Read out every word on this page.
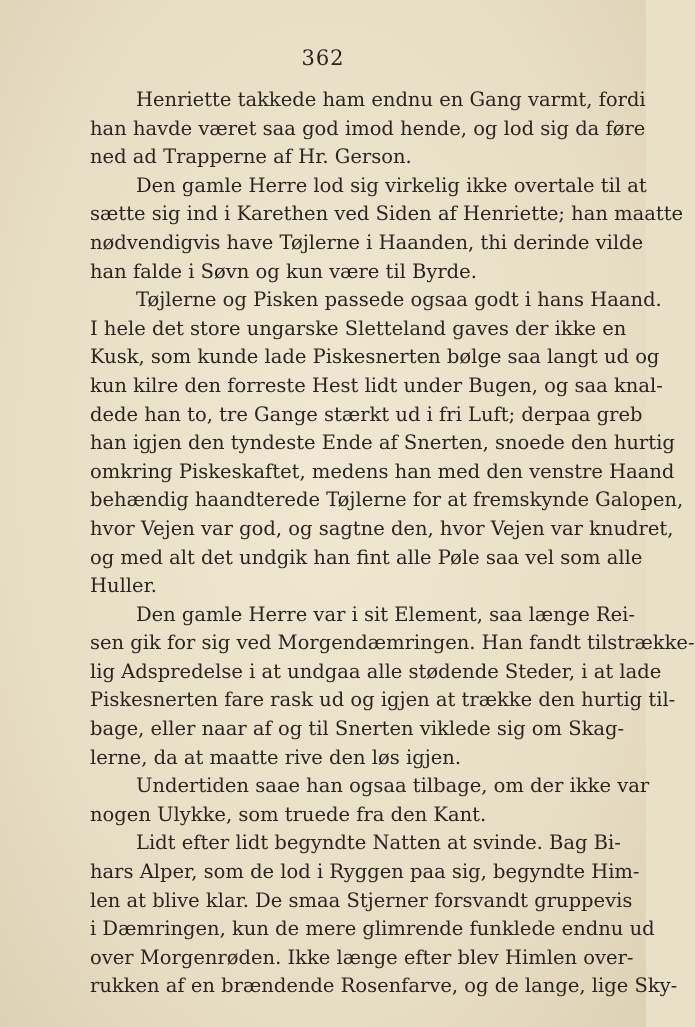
362
Henriette takkede ham endnu en Gang varmt, fordi
han havde været saa god imod hende, og lod sig da føre
ned ad Trapperne af Hr. Gerson.
Den gamle Herre lod sig virkelig ikke overtale til at
sætte sig ind i Karethen ved Siden af Henriette; han maatte
nødvendigvis have Tøjlerne i Haanden, thi derinde vilde
han falde i Søvn og kun være til Byrde.
Tøjlerne og Pisken passede ogsaa godt i hans Haand.
I hele det store ungarske Sletteland gaves der ikke en
Kusk, som kunde lade Piskesnerten bølge saa langt ud og
kun kilre den forreste Hest lidt under Bugen, og saa knal-
dede han to, tre Gange stærkt ud i fri Luft; derpaa greb
han igjen den tyndeste Ende af Snerten, snoede den hurtig
omkring Piskeskaftet, medens han med den venstre Haand
behændig haandterede Tøjlerne for at fremskynde Galopen,
hvor Vejen var god, og sagtne den, hvor Vejen var knudret,
og med alt det undgik han fint alle Pøle saa vel som alle
Huller.
Den gamle Herre var i sit Element, saa længe Rei-
sen gik for sig ved Morgendæmringen. Han fandt tilstrække-
lig Adspredelse i at undgaa alle stødende Steder, i at lade
Piskesnerten fare rask ud og igjen at trække den hurtig til-
bage, eller naar af og til Snerten viklede sig om Skag-
lerne, da at maatte rive den løs igjen.
Undertiden saae han ogsaa tilbage, om der ikke var
nogen Ulykke, som truede fra den Kant.
Lidt efter lidt begyndte Natten at svinde. Bag Bi-
hars Alper, som de lod i Ryggen paa sig, begyndte Him-
len at blive klar. De smaa Stjerner forsvandt gruppevis
i Dæmringen, kun de mere glimrende funklede endnu ud
over Morgenrøden. Ikke længe efter blev Himlen over-
rukken af en brændende Rosenfarve, og de lange, lige Sky-
